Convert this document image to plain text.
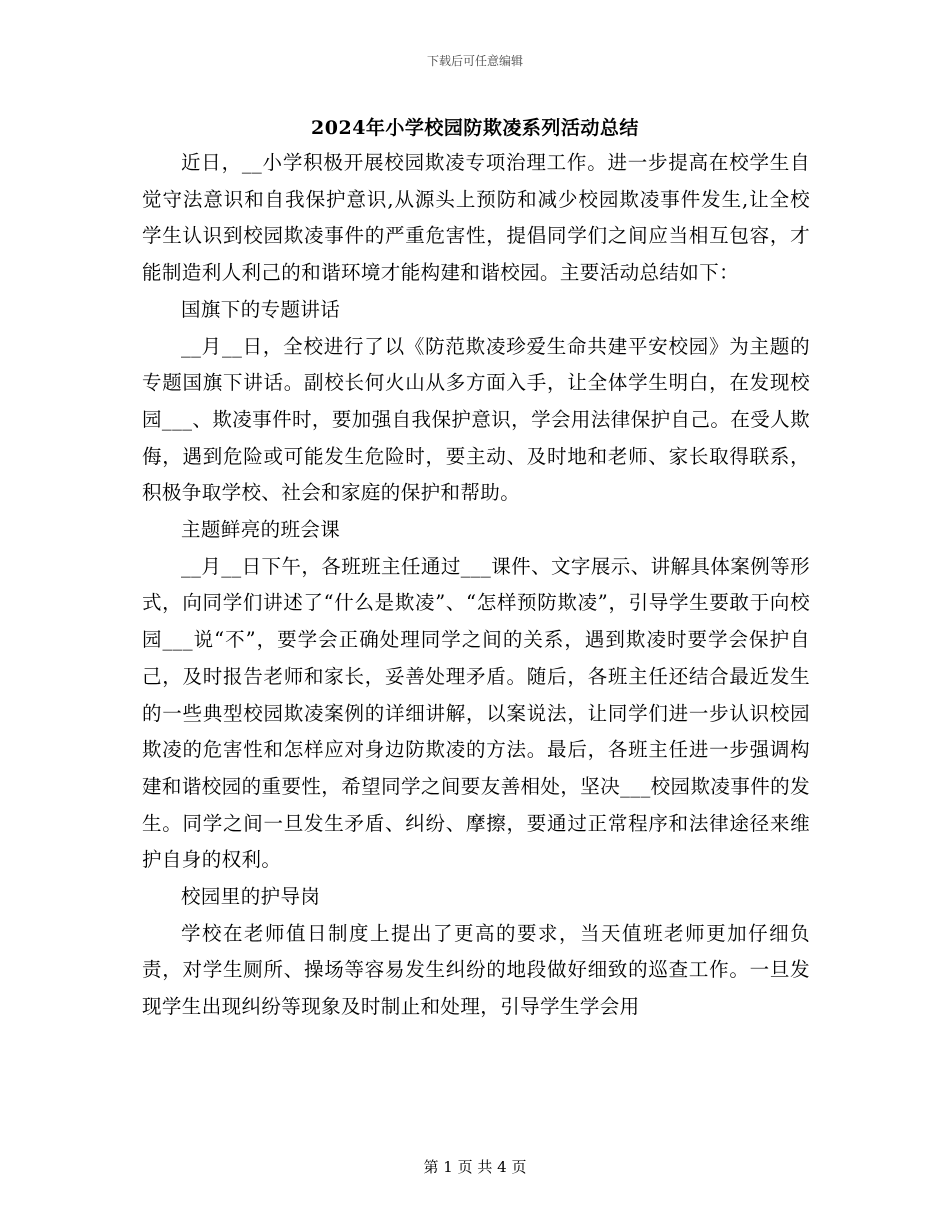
下载后可任意编辑
2024年小学校园防欺凌系列活动总结

近日，__小学积极开展校园欺凌专项治理工作。进一步提高在校学生自觉守法意识和自我保护意识,从源头上预防和减少校园欺凌事件发生,让全校学生认识到校园欺凌事件的严重危害性，提倡同学们之间应当相互包容，才能制造利人利己的和谐环境才能构建和谐校园。主要活动总结如下：

国旗下的专题讲话

__月__日，全校进行了以《防范欺凌珍爱生命共建平安校园》为主题的专题国旗下讲话。副校长何火山从多方面入手，让全体学生明白，在发现校园___、欺凌事件时，要加强自我保护意识，学会用法律保护自己。在受人欺侮，遇到危险或可能发生危险时，要主动、及时地和老师、家长取得联系，积极争取学校、社会和家庭的保护和帮助。

主题鲜亮的班会课

__月__日下午，各班班主任通过___课件、文字展示、讲解具体案例等形式，向同学们讲述了“什么是欺凌”、“怎样预防欺凌”，引导学生要敢于向校园___说“不”，要学会正确处理同学之间的关系，遇到欺凌时要学会保护自己，及时报告老师和家长，妥善处理矛盾。随后，各班主任还结合最近发生的一些典型校园欺凌案例的详细讲解，以案说法，让同学们进一步认识校园欺凌的危害性和怎样应对身边防欺凌的方法。最后，各班主任进一步强调构建和谐校园的重要性，希望同学之间要友善相处，坚决___校园欺凌事件的发生。同学之间一旦发生矛盾、纠纷、摩擦，要通过正常程序和法律途径来维护自身的权利。

校园里的护导岗

学校在老师值日制度上提出了更高的要求，当天值班老师更加仔细负责，对学生厕所、操场等容易发生纠纷的地段做好细致的巡查工作。一旦发现学生出现纠纷等现象及时制止和处理，引导学生学会用

第 1 页 共 4 页
